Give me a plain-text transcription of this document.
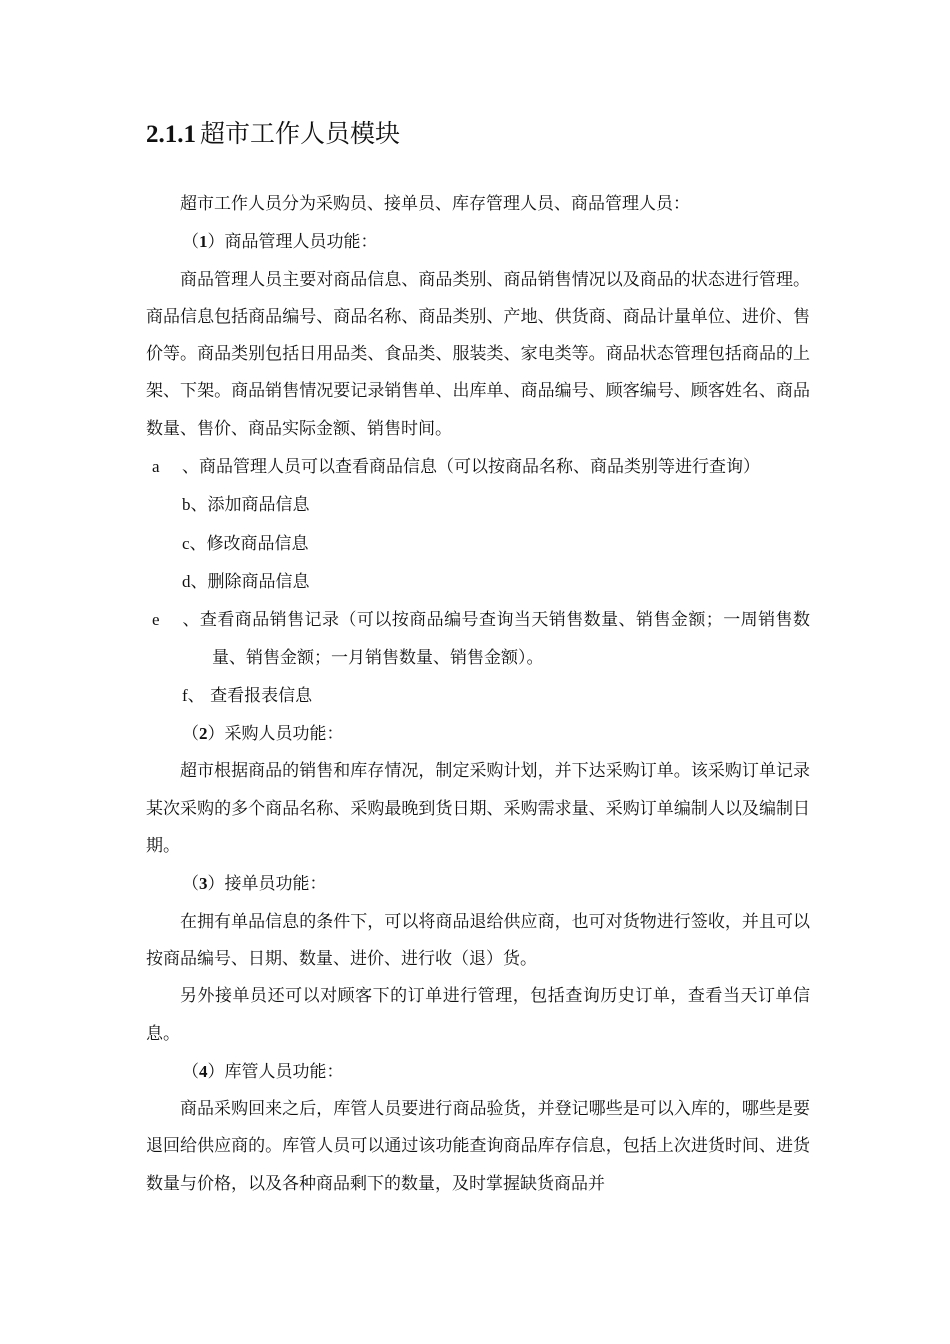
2.1.1 超市工作人员模块

超市工作人员分为采购员、接单员、库存管理人员、商品管理人员：

（1）商品管理人员功能：

商品管理人员主要对商品信息、商品类别、商品销售情况以及商品的状态进行管理。商品信息包括商品编号、商品名称、商品类别、产地、供货商、商品计量单位、进价、售价等。商品类别包括日用品类、食品类、服装类、家电类等。商品状态管理包括商品的上架、下架。商品销售情况要记录销售单、出库单、商品编号、顾客编号、顾客姓名、商品数量、售价、商品实际金额、销售时间。

a 、商品管理人员可以查看商品信息（可以按商品名称、商品类别等进行查询）

b、添加商品信息

c、修改商品信息

d、删除商品信息

e 、查看商品销售记录（可以按商品编号查询当天销售数量、销售金额；一周销售数量、销售金额；一月销售数量、销售金额）。

f、 查看报表信息

（2）采购人员功能：

超市根据商品的销售和库存情况，制定采购计划，并下达采购订单。该采购订单记录某次采购的多个商品名称、采购最晚到货日期、采购需求量、采购订单编制人以及编制日期。

（3）接单员功能：

在拥有单品信息的条件下，可以将商品退给供应商，也可对货物进行签收，并且可以按商品编号、日期、数量、进价、进行收（退）货。

另外接单员还可以对顾客下的订单进行管理，包括查询历史订单，查看当天订单信息。

（4）库管人员功能：

商品采购回来之后，库管人员要进行商品验货，并登记哪些是可以入库的，哪些是要退回给供应商的。库管人员可以通过该功能查询商品库存信息，包括上次进货时间、进货数量与价格，以及各种商品剩下的数量，及时掌握缺货商品并
